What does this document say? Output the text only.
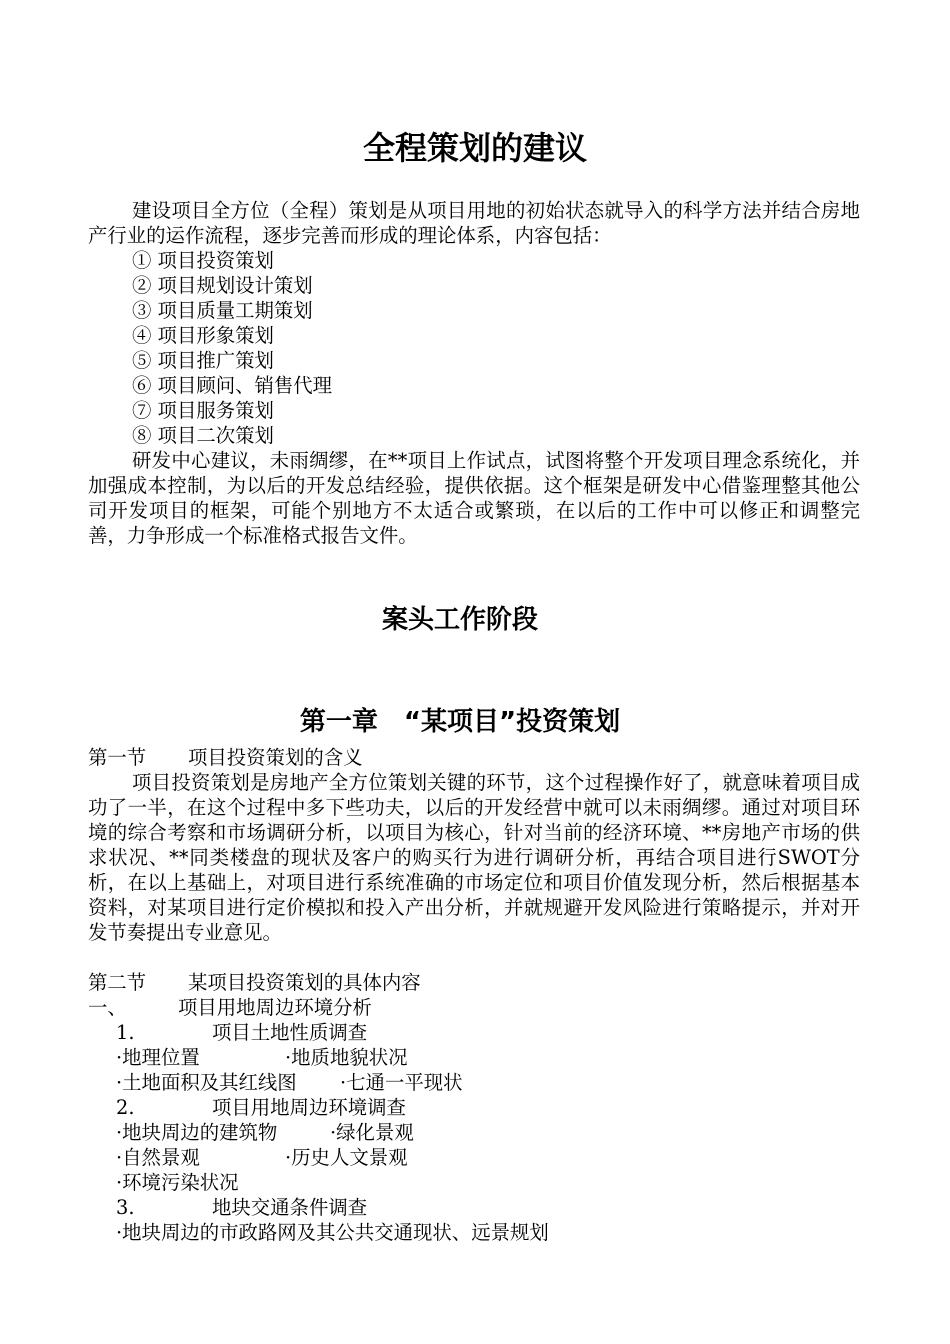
全程策划的建议
建设项目全方位（全程）策划是从项目用地的初始状态就导入的科学方法并结合房地产行业的运作流程，逐步完善而形成的理论体系，内容包括：
① 项目投资策划
② 项目规划设计策划
③ 项目质量工期策划
④ 项目形象策划
⑤ 项目推广策划
⑥ 项目顾问、销售代理
⑦ 项目服务策划
⑧ 项目二次策划
研发中心建议，未雨绸缪，在**项目上作试点，试图将整个开发项目理念系统化，并加强成本控制，为以后的开发总结经验，提供依据。这个框架是研发中心借鉴理整其他公司开发项目的框架，可能个别地方不太适合或繁琐，在以后的工作中可以修正和调整完善，力争形成一个标准格式报告文件。
案头工作阶段
第一章　“某项目”投资策划
第一节 项目投资策划的含义
项目投资策划是房地产全方位策划关键的环节，这个过程操作好了，就意味着项目成功了一半，在这个过程中多下些功夫，以后的开发经营中就可以未雨绸缪。通过对项目环境的综合考察和市场调研分析，以项目为核心，针对当前的经济环境、**房地产市场的供求状况、**同类楼盘的现状及客户的购买行为进行调研分析，再结合项目进行SWOT分析，在以上基础上，对项目进行系统准确的市场定位和项目价值发现分析，然后根据基本资料，对某项目进行定价模拟和投入产出分析，并就规避开发风险进行策略提示，并对开发节奏提出专业意见。
第二节 某项目投资策划的具体内容
一、	项目用地周边环境分析
1.	项目土地性质调查
·地理位置	·地质地貌状况
·土地面积及其红线图 ·七通一平现状
2.	项目用地周边环境调查
·地块周边的建筑物	·绿化景观
·自然景观	·历史人文景观
·环境污染状况
3.	地块交通条件调查
·地块周边的市政路网及其公共交通现状、远景规划
